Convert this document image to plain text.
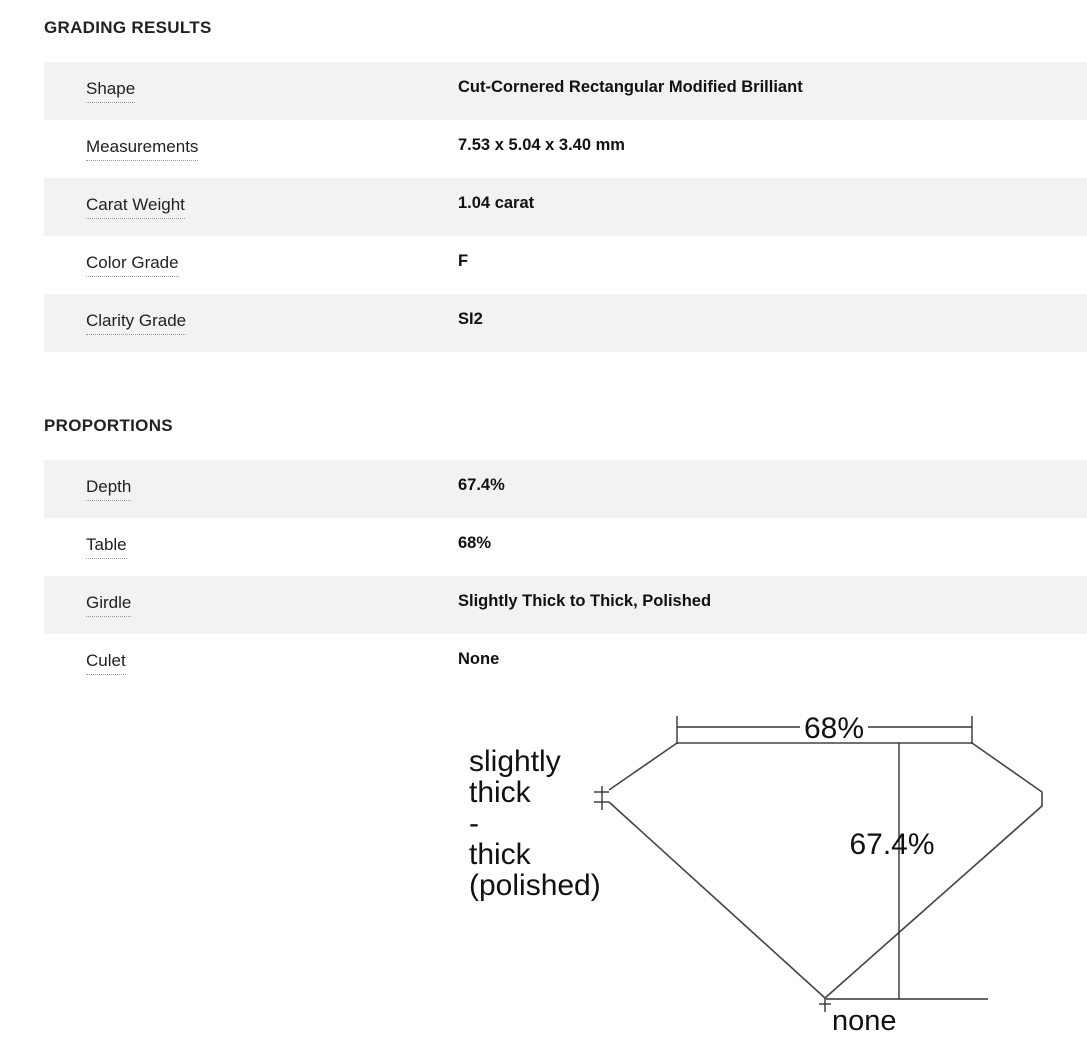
GRADING RESULTS
Shape	Cut-Cornered Rectangular Modified Brilliant
Measurements	7.53 x 5.04 x 3.40 mm
Carat Weight	1.04 carat
Color Grade	F
Clarity Grade	SI2
PROPORTIONS
Depth	67.4%
Table	68%
Girdle	Slightly Thick to Thick, Polished
Culet	None
68%
67.4%
none
slightly
thick
-
thick
(polished)
